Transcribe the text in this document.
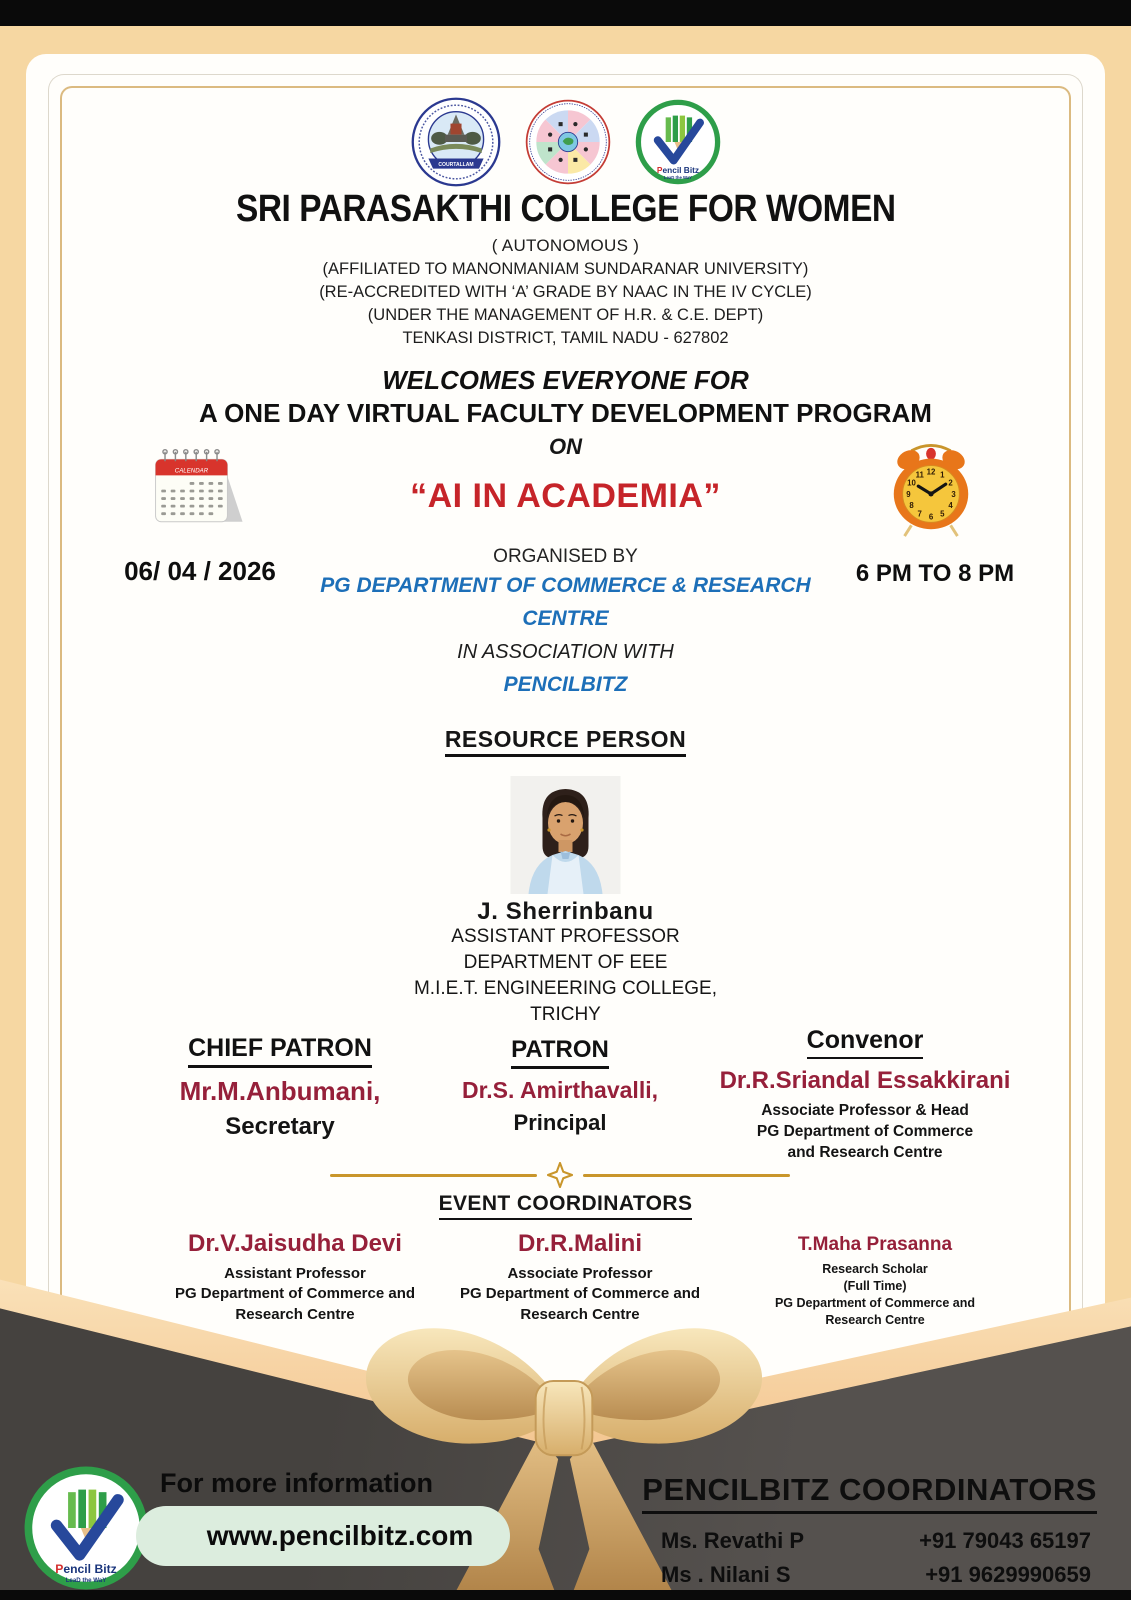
COURTALLAM	Pencil Bitz
LeaD the WaY
SRI PARASAKTHI COLLEGE FOR WOMEN
( AUTONOMOUS )
(AFFILIATED TO MANONMANIAM SUNDARANAR UNIVERSITY)
(RE-ACCREDITED WITH ‘A’ GRADE BY NAAC IN THE IV CYCLE)
(UNDER THE MANAGEMENT OF H.R. & C.E. DEPT)
TENKASI DISTRICT, TAMIL NADU - 627802
WELCOMES EVERYONE FOR
A ONE DAY VIRTUAL FACULTY DEVELOPMENT PROGRAM
ON
CALENDAR
06/ 04 / 2026
12 1
2
3
4
5
6
7
8
9
10
11
6 PM TO 8 PM
“AI IN ACADEMIA”
ORGANISED BY
PG DEPARTMENT OF COMMERCE & RESEARCH
CENTRE
IN ASSOCIATION WITH
PENCILBITZ
RESOURCE PERSON
J. Sherrinbanu
ASSISTANT PROFESSOR
DEPARTMENT OF EEE
M.I.E.T. ENGINEERING COLLEGE,
TRICHY
CHIEF PATRON
Mr.M.Anbumani,
Secretary
PATRON
Dr.S. Amirthavalli,
Principal
Convenor
Dr.R.Sriandal Essakkirani
Associate Professor & Head
PG Department of Commerce
and Research Centre
EVENT COORDINATORS
Dr.V.Jaisudha Devi
Assistant Professor
PG Department of Commerce and
Research Centre
Dr.R.Malini
Associate Professor
PG Department of Commerce and
Research Centre
T.Maha Prasanna
Research Scholar
(Full Time)
PG Department of Commerce and
Research Centre
Pencil Bitz
LeaD the WaY
For more information
www.pencilbitz.com
PENCILBITZ COORDINATORS
Ms. Revathi P	+91 79043 65197
Ms . Nilani S	+91 9629990659
